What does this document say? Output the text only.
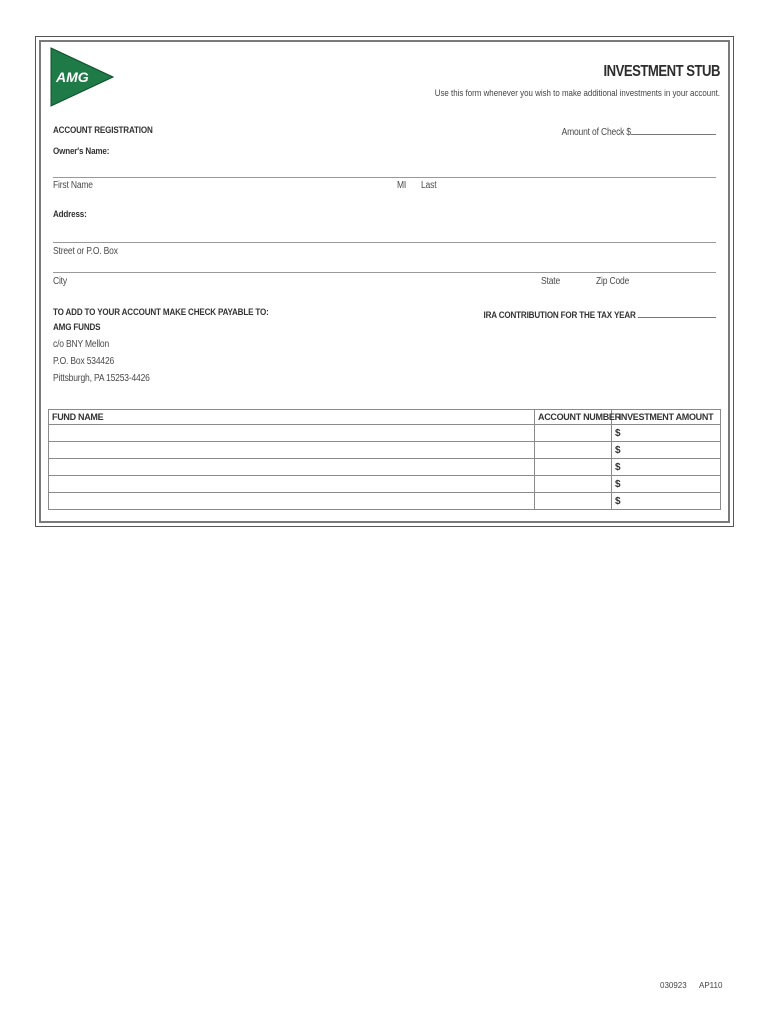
AMG	INVESTMENT STUB
Use this form whenever you wish to make additional investments in your account.
ACCOUNT REGISTRATION	Amount of Check $
Owner's Name:
First Name	MI Last
Address:
Street or P.O. Box
City	State	Zip Code
TO ADD TO YOUR ACCOUNT MAKE CHECK PAYABLE TO:
AMG FUNDS
c/o BNY Mellon
P.O. Box 534426
Pittsburgh, PA 15253-4426
IRA CONTRIBUTION FOR THE TAX YEAR
FUND NAME	ACCOUNT NUMBER	INVESTMENT AMOUNT
		$
		$
		$
		$
		$
030923 AP110
